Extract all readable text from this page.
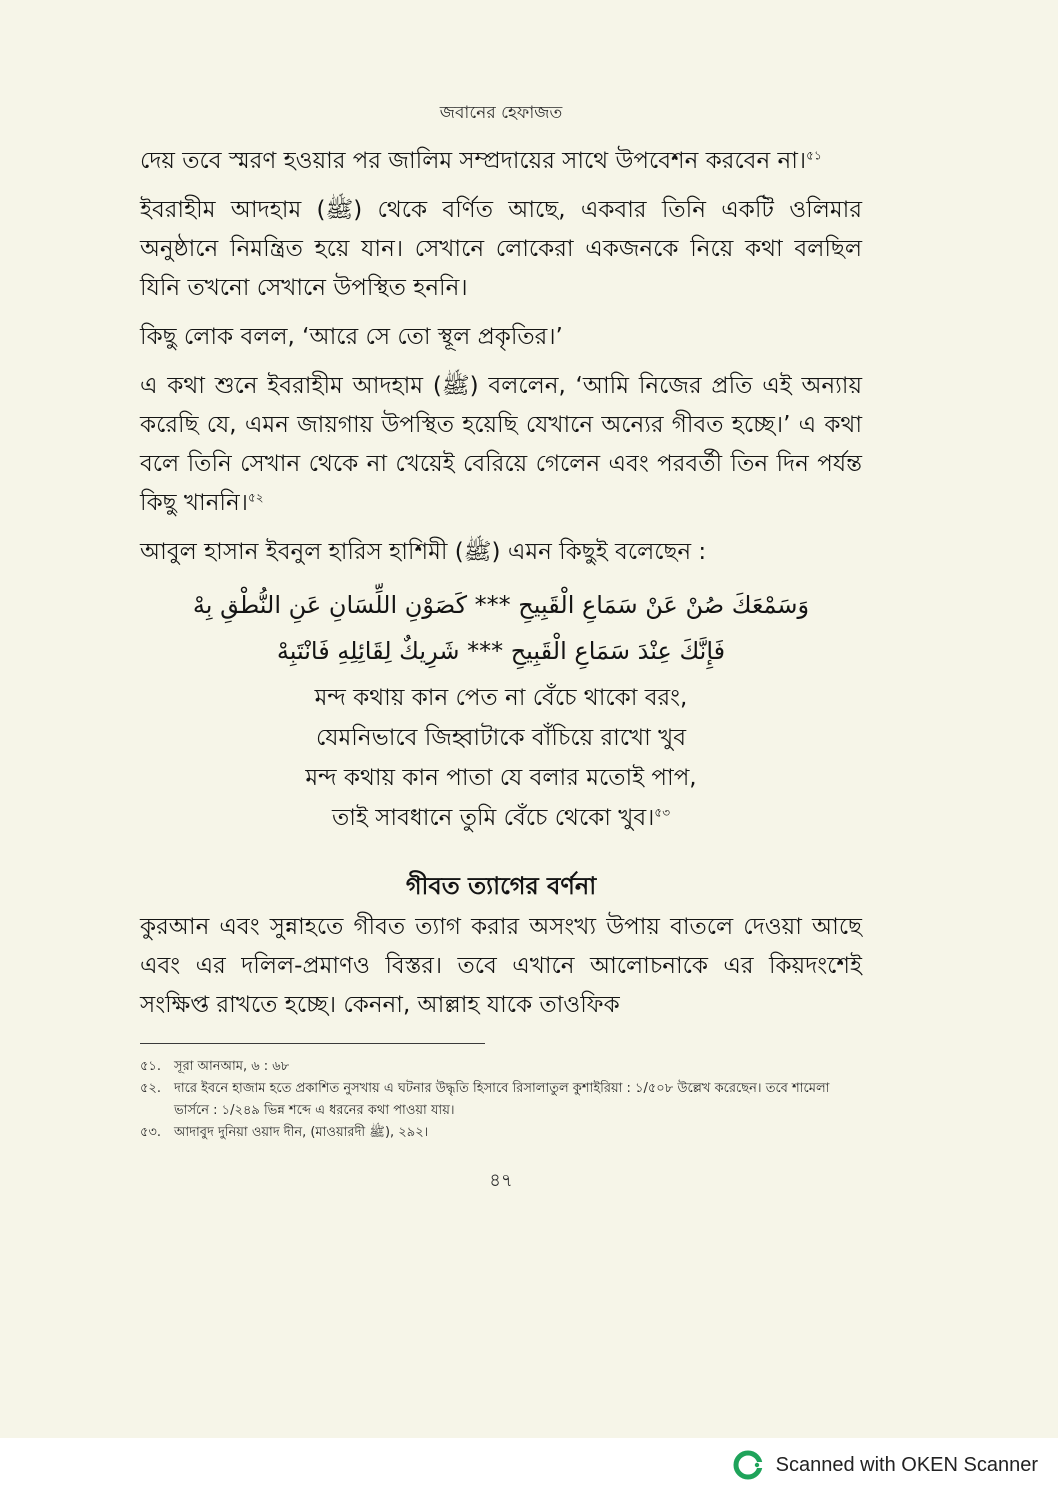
জবানের হেফাজত

দেয় তবে স্মরণ হওয়ার পর জালিম সম্প্রদায়ের সাথে উপবেশন করবেন না।$^{৫১}$

ইবরাহীম আদহাম (ﷺ) থেকে বর্ণিত আছে, একবার তিনি একটি ওলিমার অনুষ্ঠানে নিমন্ত্রিত হয়ে যান। সেখানে লোকেরা একজনকে নিয়ে কথা বলছিল যিনি তখনো সেখানে উপস্থিত হননি।

কিছু লোক বলল, ‘আরে সে তো স্থূল প্রকৃতির।’

এ কথা শুনে ইবরাহীম আদহাম (ﷺ) বললেন, ‘আমি নিজের প্রতি এই অন্যায় করেছি যে, এমন জায়গায় উপস্থিত হয়েছি যেখানে অন্যের গীবত হচ্ছে।’ এ কথা বলে তিনি সেখান থেকে না খেয়েই বেরিয়ে গেলেন এবং পরবর্তী তিন দিন পর্যন্ত কিছু খাননি।$^{৫২}$

আবুল হাসান ইবনুল হারিস হাশিমী (ﷺ) এমন কিছুই বলেছেন :

وَسَمْعَكَ صُنْ عَنْ سَمَاعِ الْقَبِيحِ *** كَصَوْنِ اللِّسَانِ عَنِ النُّطْقِ بِهْ

فَإِنَّكَ عِنْدَ سَمَاعِ الْقَبِيحِ *** شَرِيكٌ لِقَائِلِهِ فَانْتَبِهْ

মন্দ কথায় কান পেত না বেঁচে থাকো বরং,

যেমনিভাবে জিহ্বাটাকে বাঁচিয়ে রাখো খুব

মন্দ কথায় কান পাতা যে বলার মতোই পাপ,

তাই সাবধানে তুমি বেঁচে থেকো খুব।$^{৫৩}$

গীবত ত্যাগের বর্ণনা

কুরআন এবং সুন্নাহতে গীবত ত্যাগ করার অসংখ্য উপায় বাতলে দেওয়া আছে এবং এর দলিল-প্রমাণও বিস্তর। তবে এখানে আলোচনাকে এর কিয়দংশেই সংক্ষিপ্ত রাখতে হচ্ছে। কেননা, আল্লাহ যাকে তাওফিক

৫১. সূরা আনআম, ৬ : ৬৮
৫২. দারে ইবনে হাজাম হতে প্রকাশিত নুসখায় এ ঘটনার উদ্ধৃতি হিসাবে রিসালাতুল কুশাইরিয়া : ১/৫০৮ উল্লেখ করেছেন। তবে শামেলা ভার্সনে : ১/২৪৯ ভিন্ন শব্দে এ ধরনের কথা পাওয়া যায়।
৫৩. আদাবুদ দুনিয়া ওয়াদ দীন, (মাওয়ারদী ﷺ), ২৯২।
৪৭
Scanned with OKEN Scanner
